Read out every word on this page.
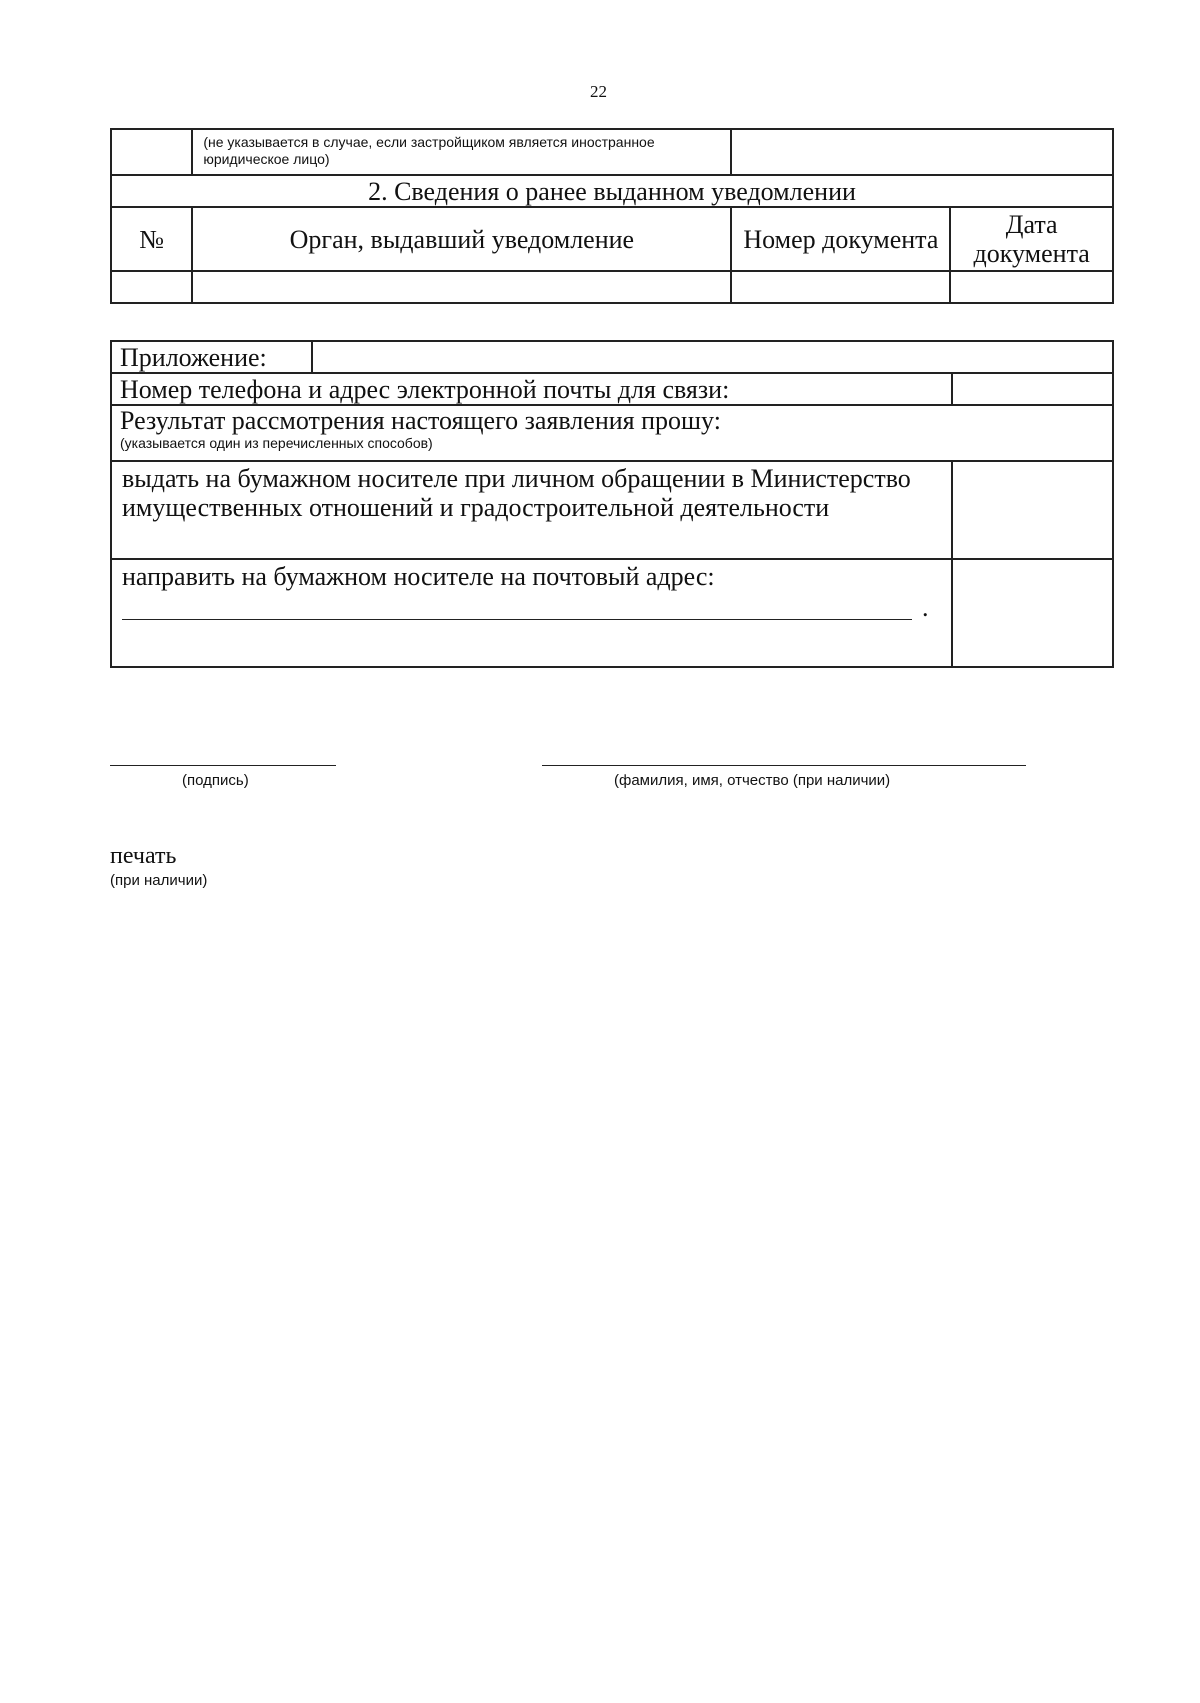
22
	(не указывается в случае, если застройщиком является иностранное юридическое лицо)		
2. Сведения о ранее выданном уведомлении			
№	Орган, выдавший уведомление	Номер документа	Дата документа

Приложение:		
Номер телефона и адрес электронной почты для связи:		

Результат рассмотрения настоящего заявления прошу:
(указывается один из перечисленных способов)		

выдать на бумажном носителе при личном обращении в Министерство имущественных отношений и градостроительной деятельности		

направить на бумажном носителе на почтовый адрес:
.		

(подпись)	(фамилия, имя, отчество (при наличии)
печать
(при наличии)
